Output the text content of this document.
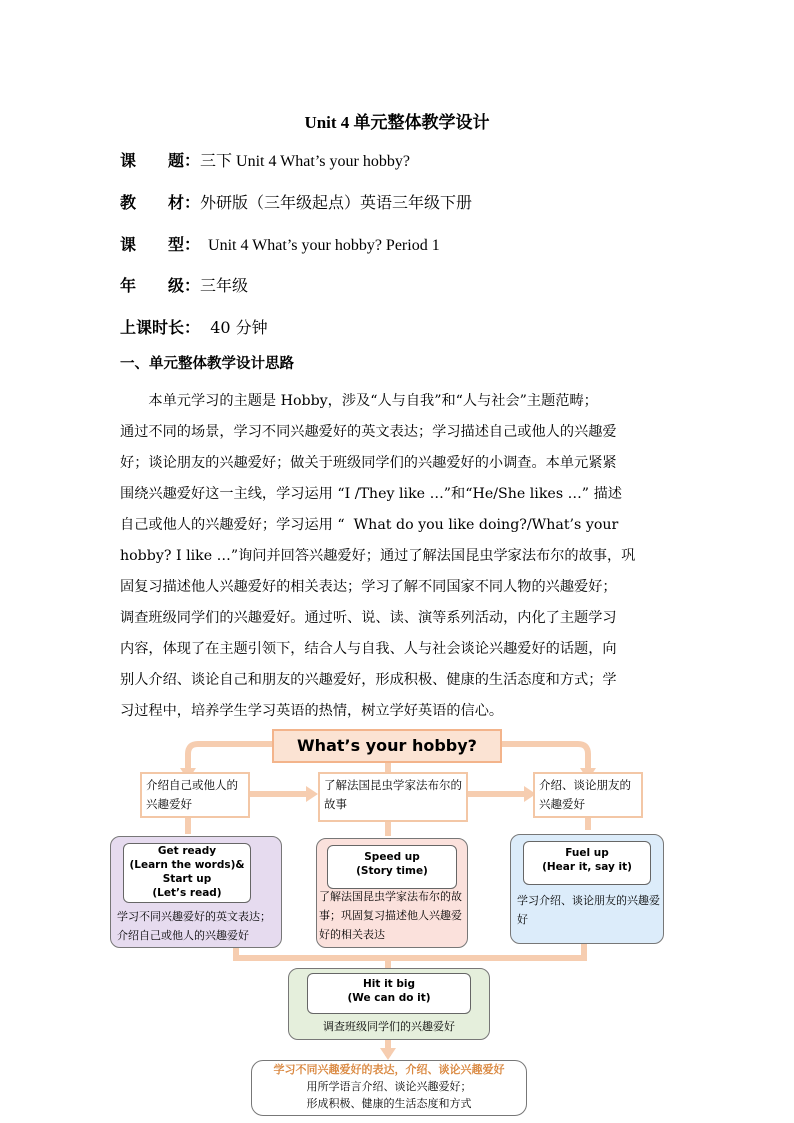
Unit 4 单元整体教学设计
课　　题：三下 Unit 4 What’s your hobby?
教　　材：外研版（三年级起点）英语三年级下册
课　　型：  Unit 4 What’s your hobby? Period 1
年　　级：三年级
上课时长：  40 分钟
一、单元整体教学设计思路
　　本单元学习的主题是 Hobby，涉及“人与自我”和“人与社会”主题范畴；
通过不同的场景，学习不同兴趣爱好的英文表达；学习描述自己或他人的兴趣爱
好；谈论朋友的兴趣爱好；做关于班级同学们的兴趣爱好的小调查。本单元紧紧
围绕兴趣爱好这一主线，学习运用 “I /They like …”和“He/She likes …” 描述
自己或他人的兴趣爱好；学习运用 “  What do you like doing?/What’s your
hobby? I like …”询问并回答兴趣爱好；通过了解法国昆虫学家法布尔的故事，巩
固复习描述他人兴趣爱好的相关表达；学习了解不同国家不同人物的兴趣爱好；
调查班级同学们的兴趣爱好。通过听、说、读、演等系列活动，内化了主题学习
内容，体现了在主题引领下，结合人与自我、人与社会谈论兴趣爱好的话题，向
别人介绍、谈论自己和朋友的兴趣爱好，形成积极、健康的生活态度和方式；学
习过程中，培养学生学习英语的热情，树立学好英语的信心。
What’s your hobby?
介绍自己或他人的兴趣爱好
了解法国昆虫学家法布尔的故事
介绍、谈论朋友的兴趣爱好
Get ready
(Learn the words)&
Start up
(Let’s read)
学习不同兴趣爱好的英文表达；介绍自己或他人的兴趣爱好
Speed up
(Story time)
了解法国昆虫学家法布尔的故事；巩固复习描述他人兴趣爱好的相关表达
Fuel up
(Hear it, say it)
学习介绍、谈论朋友的兴趣爱好
Hit it big
(We can do it)
调查班级同学们的兴趣爱好
学习不同兴趣爱好的表达，介绍、谈论兴趣爱好
用所学语言介绍、谈论兴趣爱好；
形成积极、健康的生活态度和方式
